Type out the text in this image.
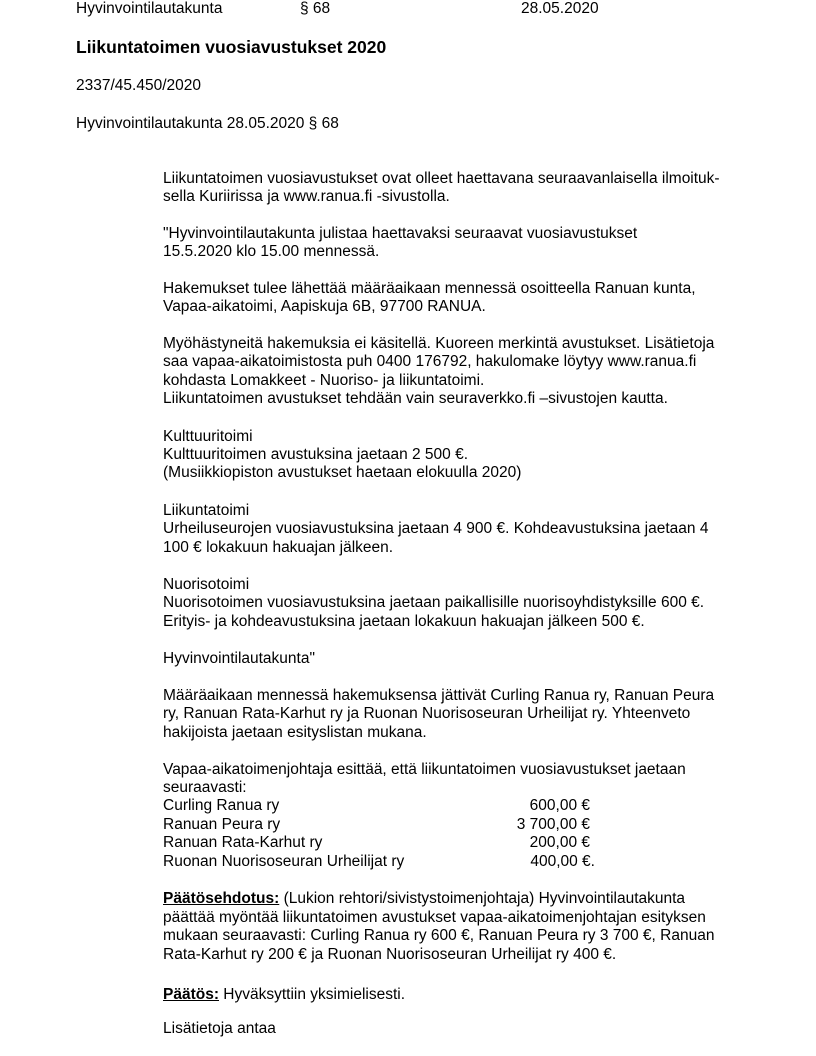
Hyvinvointilautakunta	§ 68	28.05.2020
Liikuntatoimen vuosiavustukset 2020
2337/45.450/2020
Hyvinvointilautakunta 28.05.2020 § 68
Liikuntatoimen vuosiavustukset ovat olleet haettavana seuraavanlaisella ilmoituk-
sella Kuriirissa ja www.ranua.fi -sivustolla.
"Hyvinvointilautakunta julistaa haettavaksi seuraavat vuosiavustukset
15.5.2020 klo 15.00 mennessä.
Hakemukset tulee lähettää määräaikaan mennessä osoitteella Ranuan kunta,
Vapaa-aikatoimi, Aapiskuja 6B, 97700 RANUA.
Myöhästyneitä hakemuksia ei käsitellä. Kuoreen merkintä avustukset. Lisätietoja
saa vapaa-aikatoimistosta puh 0400 176792, hakulomake löytyy www.ranua.fi
kohdasta Lomakkeet - Nuoriso- ja liikuntatoimi.
Liikuntatoimen avustukset tehdään vain seuraverkko.fi –sivustojen kautta.
Kulttuuritoimi
Kulttuuritoimen avustuksina jaetaan 2 500 €.
(Musiikkiopiston avustukset haetaan elokuulla 2020)
Liikuntatoimi
Urheiluseurojen vuosiavustuksina jaetaan 4 900 €. Kohdeavustuksina jaetaan 4
100 € lokakuun hakuajan jälkeen.
Nuorisotoimi
Nuorisotoimen vuosiavustuksina jaetaan paikallisille nuorisoyhdistyksille 600 €.
Erityis- ja kohdeavustuksina jaetaan lokakuun hakuajan jälkeen 500 €.
Hyvinvointilautakunta"
Määräaikaan mennessä hakemuksensa jättivät Curling Ranua ry, Ranuan Peura
ry, Ranuan Rata-Karhut ry ja Ruonan Nuorisoseuran Urheilijat ry. Yhteenveto
hakijoista jaetaan esityslistan mukana.
Vapaa-aikatoimenjohtaja esittää, että liikuntatoimen vuosiavustukset jaetaan
seuraavasti:
Curling Ranua ry	600,00 €
Ranuan Peura ry	3 700,00 €
Ranuan Rata-Karhut ry	200,00 €
Ruonan Nuorisoseuran Urheilijat ry	400,00 €.
Päätösehdotus: (Lukion rehtori/sivistystoimenjohtaja) Hyvinvointilautakunta
päättää myöntää liikuntatoimen avustukset vapaa-aikatoimenjohtajan esityksen
mukaan seuraavasti: Curling Ranua ry 600 €, Ranuan Peura ry 3 700 €, Ranuan
Rata-Karhut ry 200 € ja Ruonan Nuorisoseuran Urheilijat ry 400 €.
Päätös: Hyväksyttiin yksimielisesti.
Lisätietoja antaa
